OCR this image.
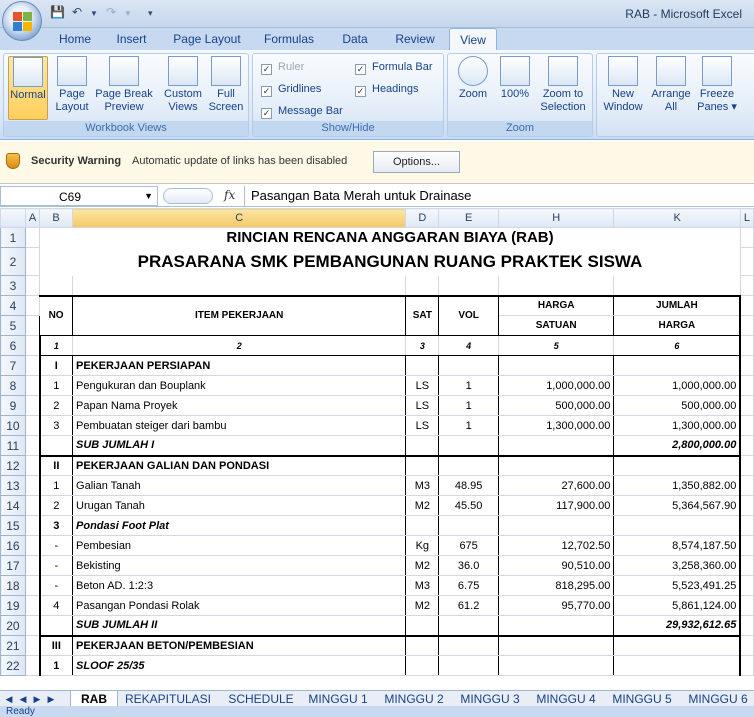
💾 ↶ ▼ ↷ ▼ ▾	RAB - Microsoft Excel
Home	Insert	Page Layout	Formulas	Data	Review	View
Normal	Page
Layout
Page Break
Preview
Custom
Views
Full
Screen
Workbook Views
✓ Ruler
✓ Gridlines
✓ Message Bar
✓ Formula Bar
✓ Headings
Show/Hide
Zoom	100%	Zoom to
Selection
Zoom
New
Window
Arrange
All
Freeze
Panes ▾
Security Warning Automatic update of links has been disabled	Options...
C69	▼	fx	Pasangan Bata Merah untuk Drainase
	A	B	C	D	E	H	K	L
1		RINCIAN RENCANA ANGGARAN BIAYA (RAB)						
2		PRASARANA SMK PEMBANGUNAN RUANG PRAKTEK SISWA						
3								
4		NO	ITEM PEKERJAAN	SAT	VOL	HARGA	JUMLAH	
5						SATUAN	HARGA	
6		1	2	3	4	5	6	
7		I	PEKERJAAN PERSIAPAN					
8		1	Pengukuran dan Bouplank	LS	1	1,000,000.00	1,000,000.00	
9		2	Papan Nama Proyek	LS	1	500,000.00	500,000.00	
10		3	Pembuatan steiger dari bambu	LS	1	1,300,000.00	1,300,000.00	
11			SUB JUMLAH I				2,800,000.00	
12		II	PEKERJAAN GALIAN DAN PONDASI					
13		1	Galian Tanah	M3	48.95	27,600.00	1,350,882.00	
14		2	Urugan Tanah	M2	45.50	117,900.00	5,364,567.90	
15		3	Pondasi Foot Plat					
16		-	Pembesian	Kg	675	12,702.50	8,574,187.50	
17		-	Bekisting	M2	36.0	90,510.00	3,258,360.00	
18		-	Beton AD. 1:2:3	M3	6.75	818,295.00	5,523,491.25	
19		4	Pasangan Pondasi Rolak	M2	61.2	95,770.00	5,861,124.00	
20			SUB JUMLAH II				29,932,612.65	
21		III	PEKERJAAN BETON/PEMBESIAN					
22		1	SLOOF 25/35					
◀ ◀ ▶ ▶	RAB	REKAPITULASI	SCHEDULE	MINGGU 1	MINGGU 2	MINGGU 3	MINGGU 4	MINGGU 5	MINGGU 6
Ready
